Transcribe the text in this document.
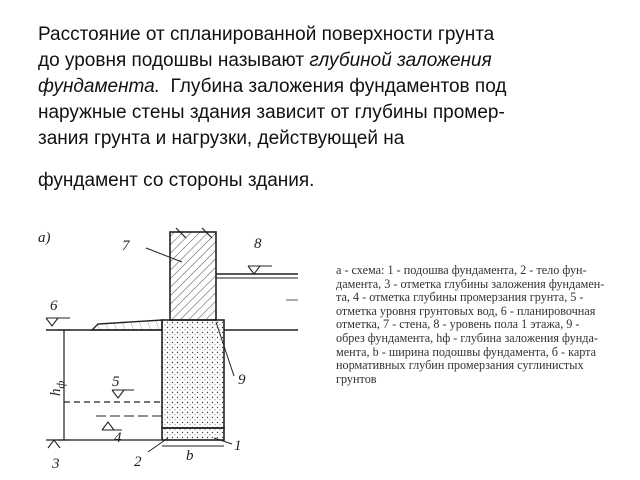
Расстояние от спланированной поверхности грунта
до уровня подошвы называют глубиной заложения
фундамента.  Глубина заложения фундаментов под
наружные стены здания зависит от глубины промер-
зания грунта и нагрузки, действующей на
фундамент со стороны здания.
а)	7	8
6
9
5
4
3	2
1
b
$h_ф$
а - схема: 1 - подошва фундамента, 2 - тело фун-
дамента, 3 - отметка глубины заложения фундамен-
та, 4 - отметка глубины промерзания грунта, 5 -
отметка уровня грунтовых вод, 6 - планировочная
отметка, 7 - стена, 8 - уровень пола 1 этажа, 9 -
обрез фундамента, hф - глубина заложения фунда-
мента, b - ширина подошвы фундамента, б - карта
нормативных глубин промерзания суглинистых
грунтов
